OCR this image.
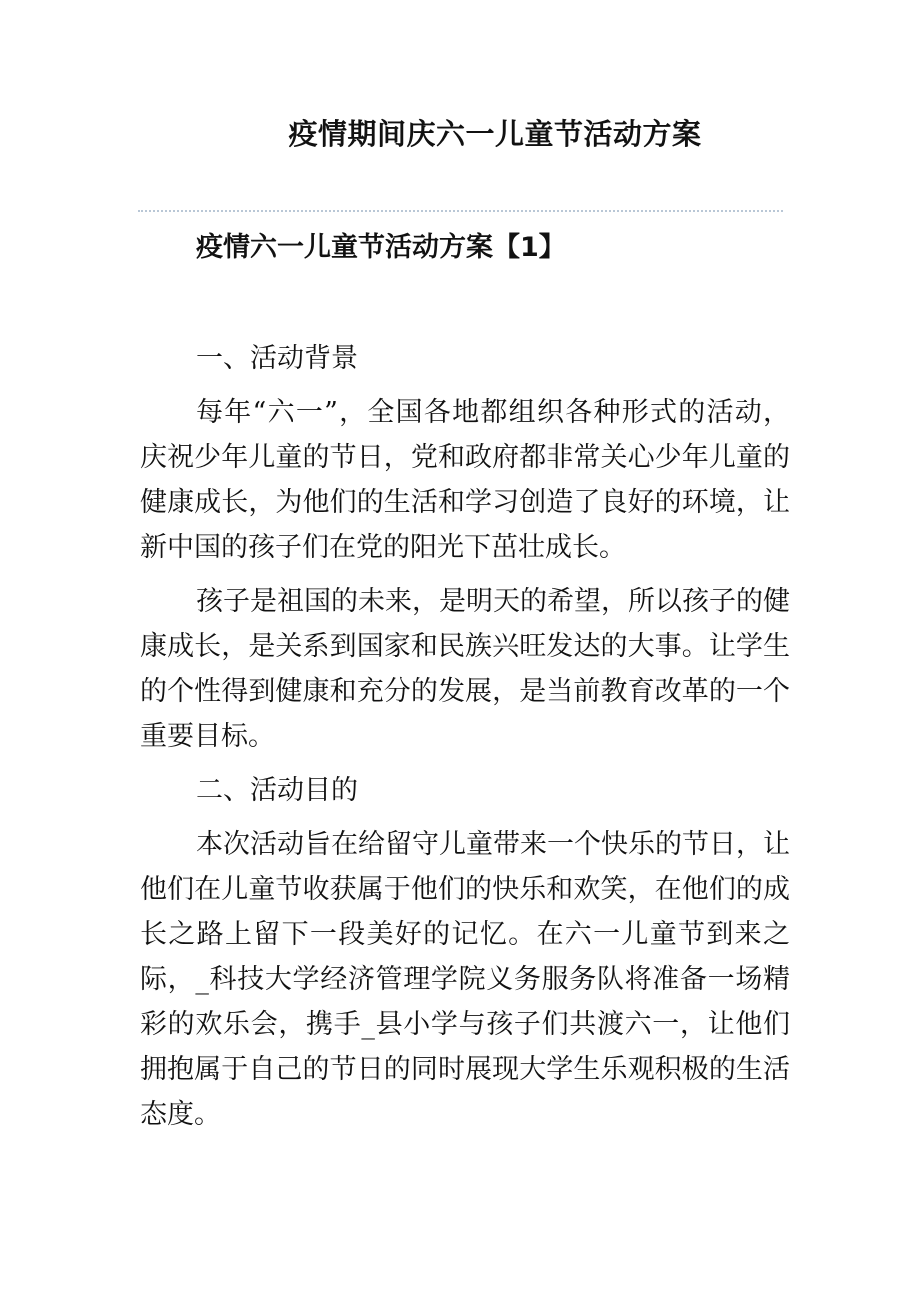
疫情期间庆六一儿童节活动方案
疫情六一儿童节活动方案【1】

一、活动背景

每年“六一”，全国各地都组织各种形式的活动，庆祝少年儿童的节日，党和政府都非常关心少年儿童的健康成长，为他们的生活和学习创造了良好的环境，让新中国的孩子们在党的阳光下茁壮成长。

孩子是祖国的未来，是明天的希望，所以孩子的健康成长，是关系到国家和民族兴旺发达的大事。让学生的个性得到健康和充分的发展，是当前教育改革的一个重要目标。

二、活动目的

本次活动旨在给留守儿童带来一个快乐的节日，让他们在儿童节收获属于他们的快乐和欢笑，在他们的成长之路上留下一段美好的记忆。在六一儿童节到来之际，_科技大学经济管理学院义务服务队将准备一场精彩的欢乐会，携手_县小学与孩子们共渡六一，让他们拥抱属于自己的节日的同时展现大学生乐观积极的生活态度。
